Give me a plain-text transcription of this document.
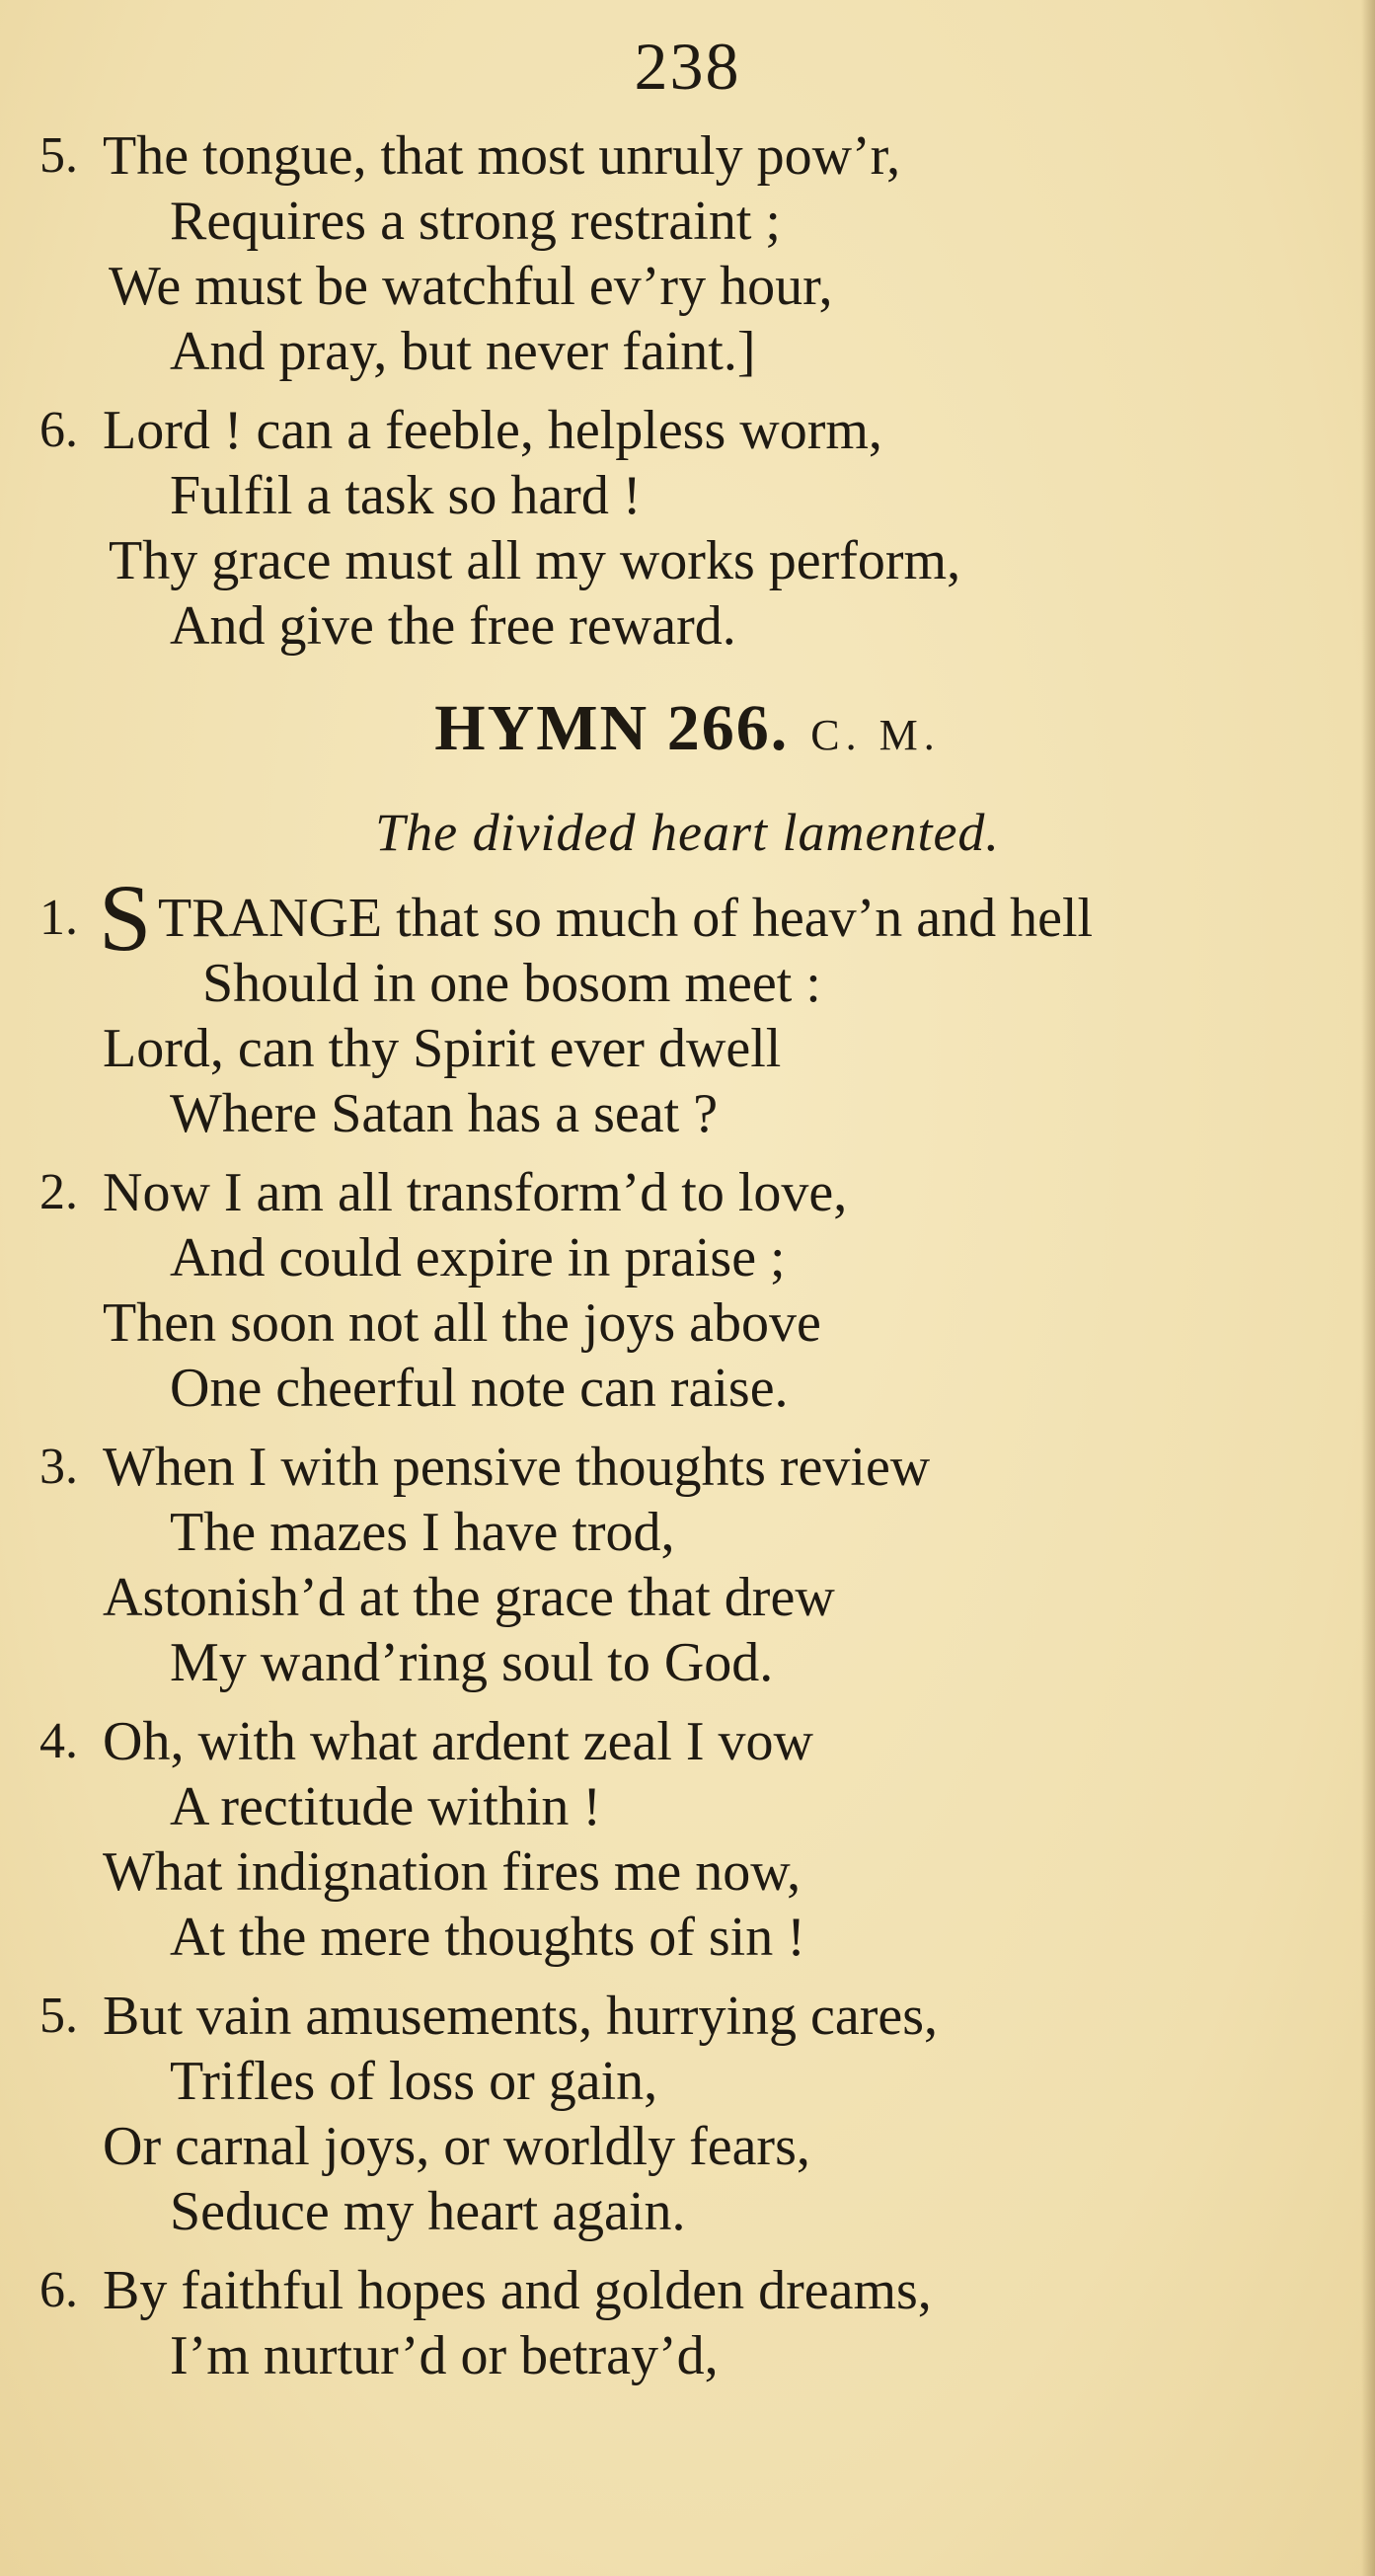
238
5. The tongue, that most unruly pow’r,
Requires a strong restraint ;
We must be watchful ev’ry hour,
And pray, but never faint.]
6. Lord ! can a feeble, helpless worm,
Fulfil a task so hard !
Thy grace must all my works perform,
And give the free reward.
HYMN 266. C. M.
The divided heart lamented.
1. S TRANGE that so much of heav’n and hell
Should in one bosom meet :
Lord, can thy Spirit ever dwell
Where Satan has a seat ?
2. Now I am all transform’d to love,
And could expire in praise ;
Then soon not all the joys above
One cheerful note can raise.
3. When I with pensive thoughts review
The mazes I have trod,
Astonish’d at the grace that drew
My wand’ring soul to God.
4. Oh, with what ardent zeal I vow
A rectitude within !
What indignation fires me now,
At the mere thoughts of sin !
5. But vain amusements, hurrying cares,
Trifles of loss or gain,
Or carnal joys, or worldly fears,
Seduce my heart again.
6. By faithful hopes and golden dreams,
I’m nurtur’d or betray’d,
